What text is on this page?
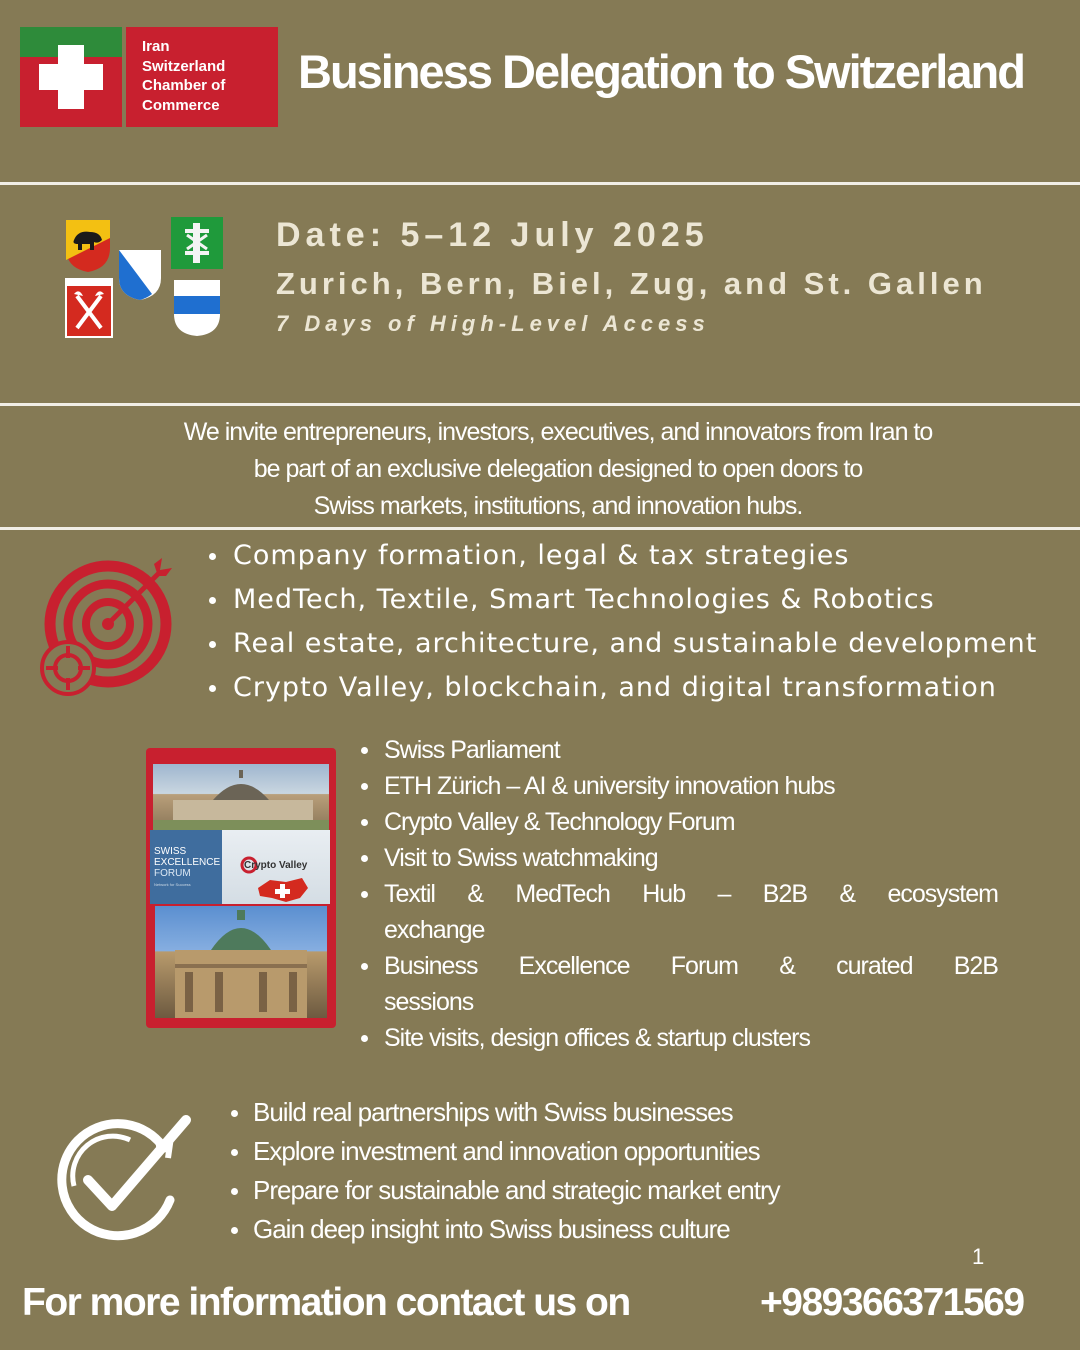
Iran
Switzerland
Chamber of
Commerce
Business Delegation to Switzerland
Date: 5–12 July 2025
Zurich, Bern, Biel, Zug, and St. Gallen
7 Days of High-Level Access
We invite entrepreneurs, investors, executives, and innovators from Iran to
be part of an exclusive delegation designed to open doors to
Swiss markets, institutions, and innovation hubs.
Company formation, legal & tax strategies
MedTech, Textile, Smart Technologies & Robotics
Real estate, architecture, and sustainable development
Crypto Valley, blockchain, and digital transformation
SWISS
EXCELLENCE
FORUM
Network for Success
Crypto Valley
Swiss Parliament
ETH Zürich – AI & university innovation hubs
Crypto Valley & Technology Forum
Visit to Swiss watchmaking
Textil & MedTech Hub – B2B & ecosystem
exchange
Business Excellence Forum & curated B2B
sessions
Site visits, design offices & startup clusters
Build real partnerships with Swiss businesses
Explore investment and innovation opportunities
Prepare for sustainable and strategic market entry
Gain deep insight into Swiss business culture
1
For more information contact us on	+989366371569
